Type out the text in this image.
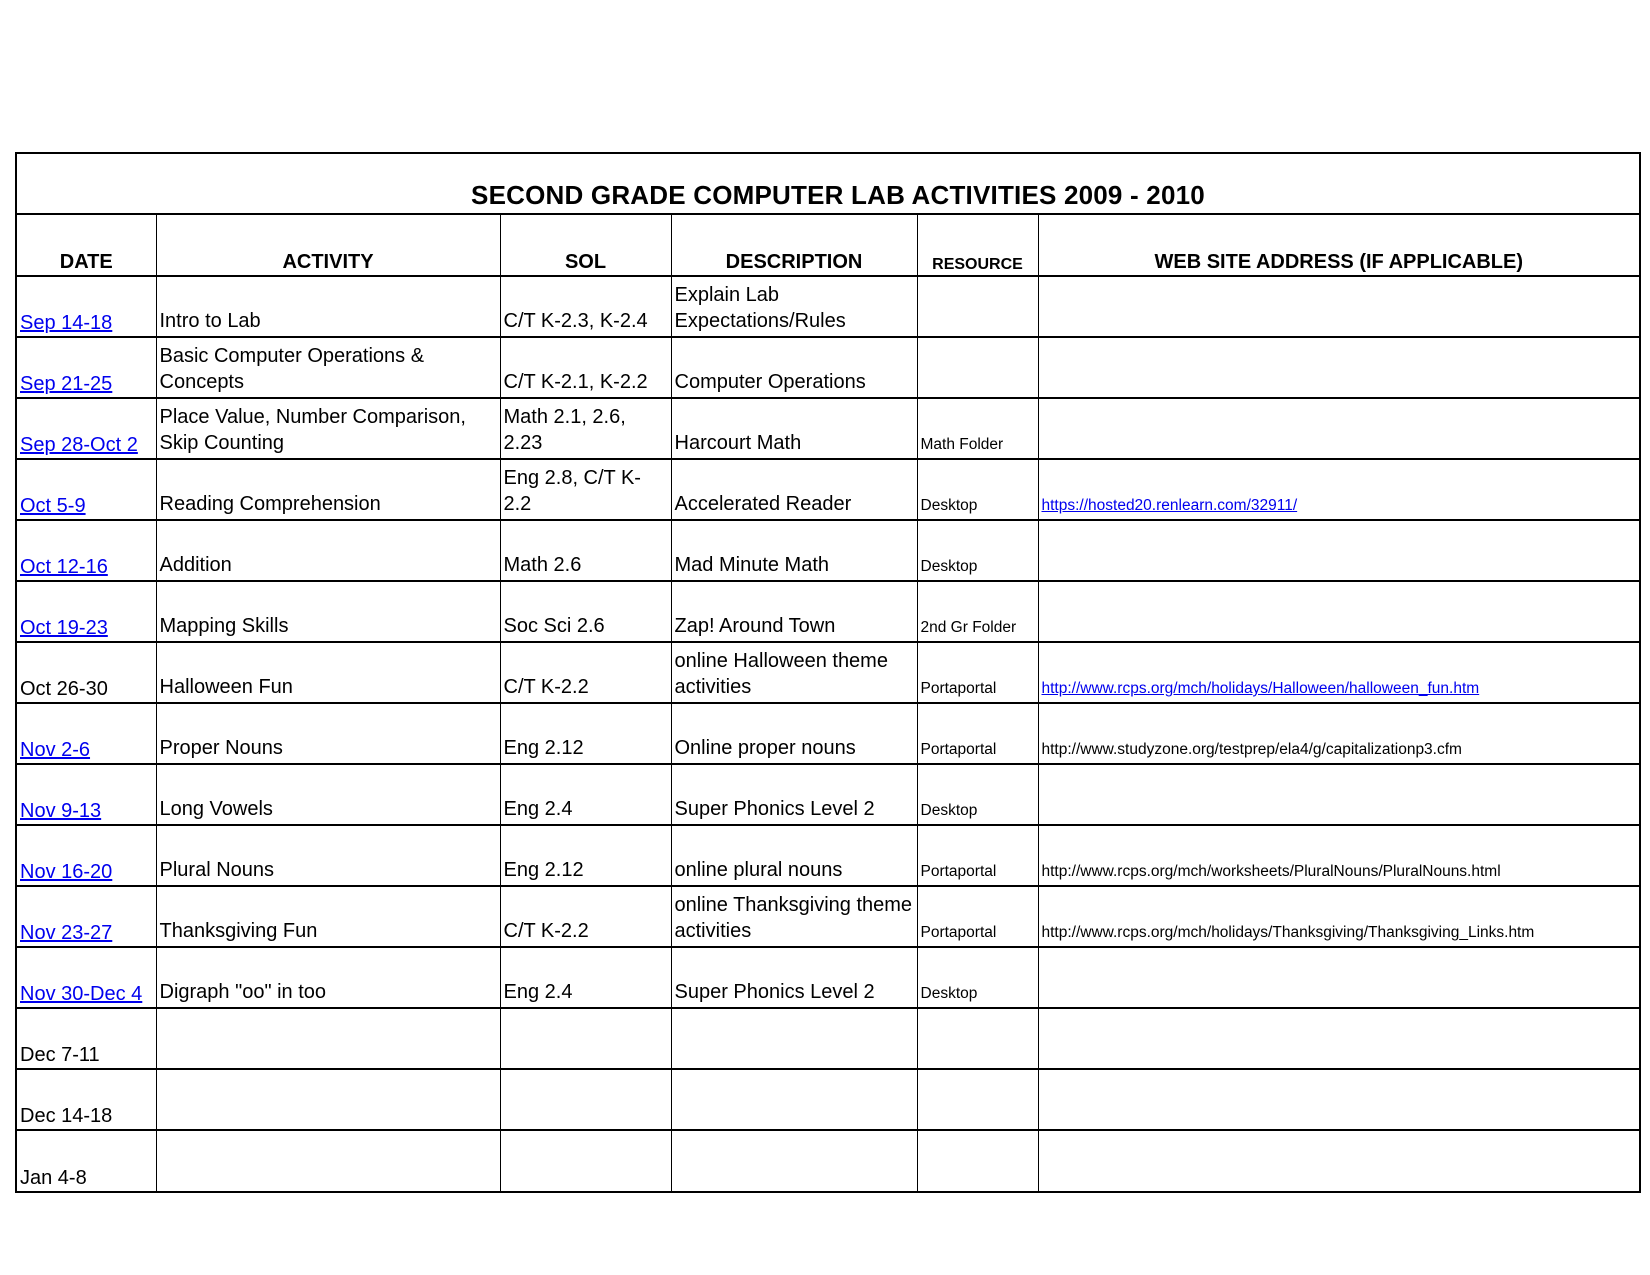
SECOND GRADE COMPUTER LAB ACTIVITIES 2009 - 2010
DATE	ACTIVITY	SOL	DESCRIPTION	RESOURCE	WEB SITE ADDRESS (IF APPLICABLE)
Sep 14-18	Intro to Lab	C/T K-2.3, K-2.4	Explain Lab Expectations/Rules		
Sep 21-25	Basic Computer Operations & Concepts	C/T K-2.1, K-2.2	Computer Operations		
Sep 28-Oct 2	Place Value, Number Comparison, Skip Counting	Math 2.1, 2.6, 2.23	Harcourt Math	Math Folder	
Oct 5-9	Reading Comprehension	Eng 2.8, C/T K-2.2	Accelerated Reader	Desktop	https://hosted20.renlearn.com/32911/
Oct 12-16	Addition	Math 2.6	Mad Minute Math	Desktop	
Oct 19-23	Mapping Skills	Soc Sci 2.6	Zap! Around Town	2nd Gr Folder	
Oct 26-30	Halloween Fun	C/T K-2.2	online Halloween theme activities	Portaportal	http://www.rcps.org/mch/holidays/Halloween/halloween_fun.htm
Nov 2-6	Proper Nouns	Eng 2.12	Online proper nouns	Portaportal	http://www.studyzone.org/testprep/ela4/g/capitalizationp3.cfm
Nov 9-13	Long Vowels	Eng 2.4	Super Phonics Level 2	Desktop	
Nov 16-20	Plural Nouns	Eng 2.12	online plural nouns	Portaportal	http://www.rcps.org/mch/worksheets/PluralNouns/PluralNouns.html
Nov 23-27	Thanksgiving Fun	C/T K-2.2	online Thanksgiving theme activities	Portaportal	http://www.rcps.org/mch/holidays/Thanksgiving/Thanksgiving_Links.htm
Nov 30-Dec 4	Digraph "oo" in too	Eng 2.4	Super Phonics Level 2	Desktop	
Dec 7-11					
Dec 14-18					
Jan 4-8					
